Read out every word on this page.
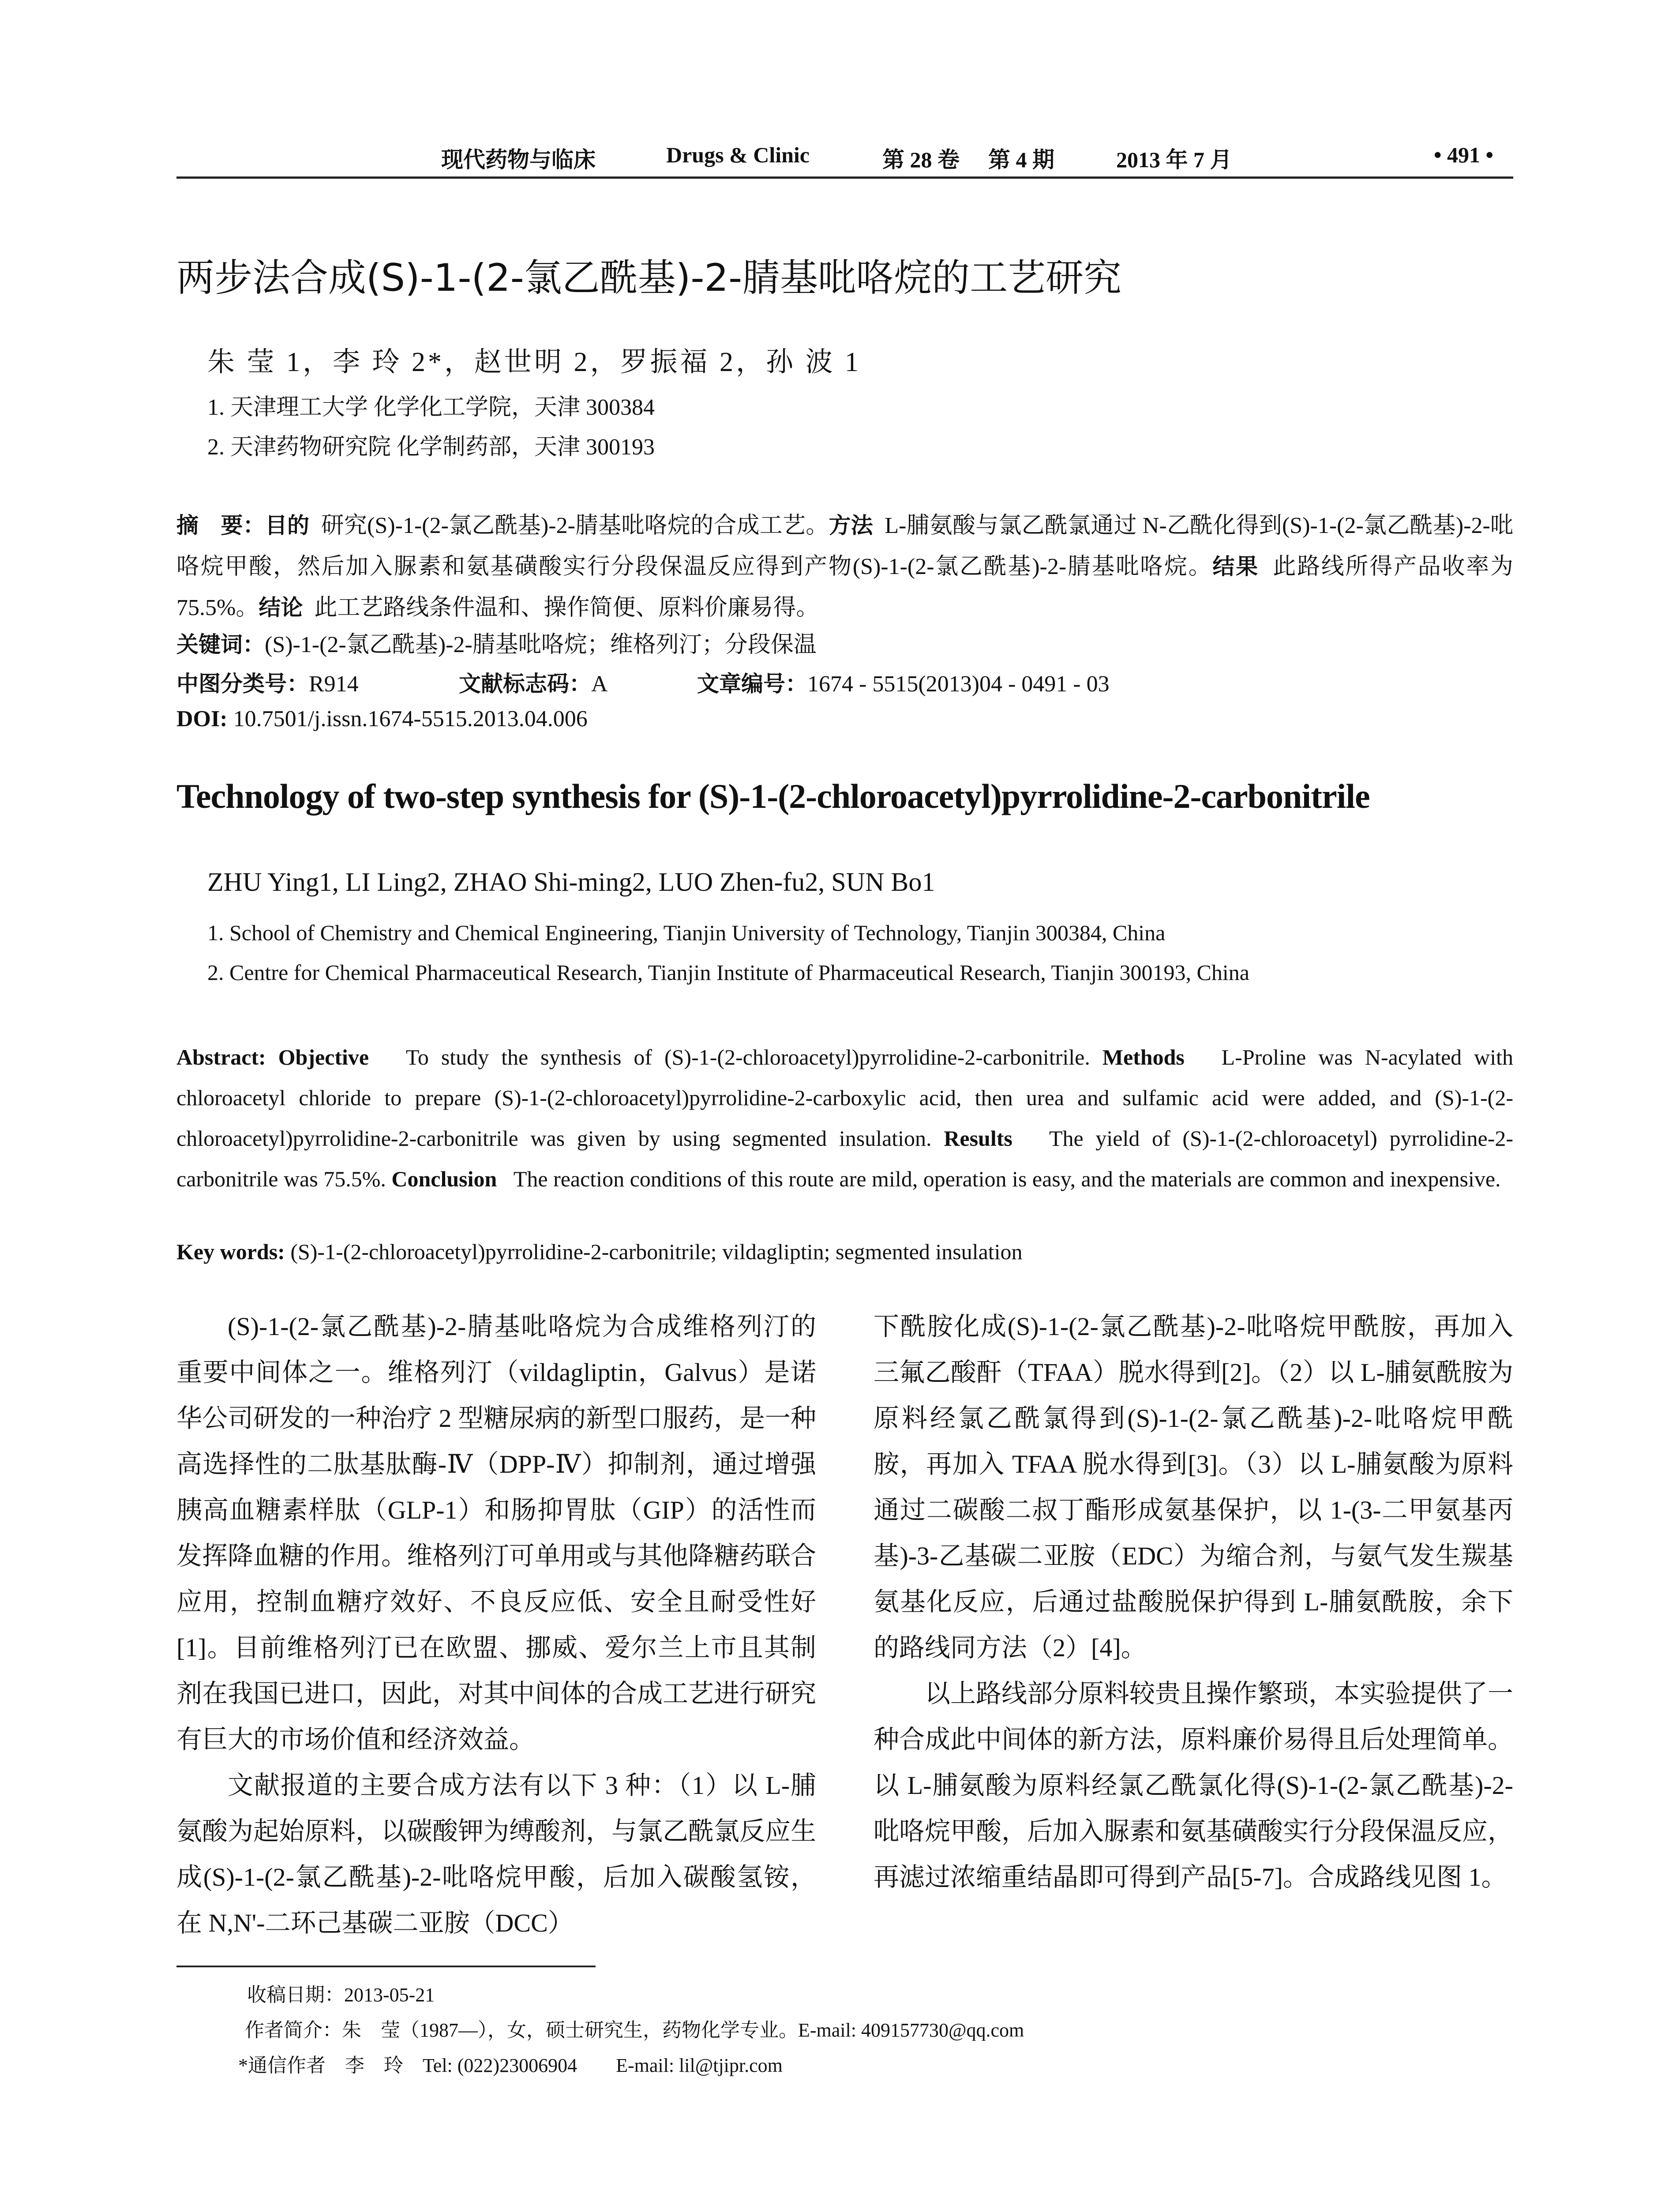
现代药物与临床	Drugs & Clinic	第 28 卷 第 4 期	2013 年 7 月	• 491 •
两步法合成(S)-1-(2-氯乙酰基)-2-腈基吡咯烷的工艺研究
朱 莹 1，李 玲 2*，赵世明 2，罗振福 2，孙 波 1
1. 天津理工大学 化学化工学院，天津 300384
2. 天津药物研究院 化学制药部，天津 300193
摘　要：目的 研究(S)-1-(2-氯乙酰基)-2-腈基吡咯烷的合成工艺。方法 L-脯氨酸与氯乙酰氯通过 N-乙酰化得到(S)-1-(2-氯乙酰基)-2-吡咯烷甲酸，然后加入脲素和氨基磺酸实行分段保温反应得到产物(S)-1-(2-氯乙酰基)-2-腈基吡咯烷。结果 此路线所得产品收率为 75.5%。结论 此工艺路线条件温和、操作简便、原料价廉易得。
关键词：(S)-1-(2-氯乙酰基)-2-腈基吡咯烷；维格列汀；分段保温
中图分类号：R914	文献标志码：A	文章编号：1674 - 5515(2013)04 - 0491 - 03
DOI: 10.7501/j.issn.1674-5515.2013.04.006
Technology of two-step synthesis for (S)-1-(2-chloroacetyl)pyrrolidine-2-carbonitrile
ZHU Ying1, LI Ling2, ZHAO Shi-ming2, LUO Zhen-fu2, SUN Bo1
1. School of Chemistry and Chemical Engineering, Tianjin University of Technology, Tianjin 300384, China
2. Centre for Chemical Pharmaceutical Research, Tianjin Institute of Pharmaceutical Research, Tianjin 300193, China
Abstract: Objective To study the synthesis of (S)-1-(2-chloroacetyl)pyrrolidine-2-carbonitrile. Methods L-Proline was N-acylated with chloroacetyl chloride to prepare (S)-1-(2-chloroacetyl)pyrrolidine-2-carboxylic acid, then urea and sulfamic acid were added, and (S)-1-(2-chloroacetyl)pyrrolidine-2-carbonitrile was given by using segmented insulation. Results The yield of (S)-1-(2-chloroacetyl) pyrrolidine-2-carbonitrile was 75.5%. Conclusion The reaction conditions of this route are mild, operation is easy, and the materials are common and inexpensive.
Key words: (S)-1-(2-chloroacetyl)pyrrolidine-2-carbonitrile; vildagliptin; segmented insulation

(S)-1-(2-氯乙酰基)-2-腈基吡咯烷为合成维格列汀的重要中间体之一。维格列汀（vildagliptin，Galvus）是诺华公司研发的一种治疗 2 型糖尿病的新型口服药，是一种高选择性的二肽基肽酶-Ⅳ（DPP-Ⅳ）抑制剂，通过增强胰高血糖素样肽（GLP-1）和肠抑胃肽（GIP）的活性而发挥降血糖的作用。维格列汀可单用或与其他降糖药联合应用，控制血糖疗效好、不良反应低、安全且耐受性好[1]。目前维格列汀已在欧盟、挪威、爱尔兰上市且其制剂在我国已进口，因此，对其中间体的合成工艺进行研究有巨大的市场价值和经济效益。

文献报道的主要合成方法有以下 3 种：（1）以 L-脯氨酸为起始原料，以碳酸钾为缚酸剂，与氯乙酰氯反应生成(S)-1-(2-氯乙酰基)-2-吡咯烷甲酸，后加入碳酸氢铵，在 N,N'-二环己基碳二亚胺（DCC）

下酰胺化成(S)-1-(2-氯乙酰基)-2-吡咯烷甲酰胺，再加入三氟乙酸酐（TFAA）脱水得到[2]。（2）以 L-脯氨酰胺为原料经氯乙酰氯得到(S)-1-(2-氯乙酰基)-2-吡咯烷甲酰胺，再加入 TFAA 脱水得到[3]。（3）以 L-脯氨酸为原料通过二碳酸二叔丁酯形成氨基保护，以 1-(3-二甲氨基丙基)-3-乙基碳二亚胺（EDC）为缩合剂，与氨气发生羰基氨基化反应，后通过盐酸脱保护得到 L-脯氨酰胺，余下的路线同方法（2）[4]。

以上路线部分原料较贵且操作繁琐，本实验提供了一种合成此中间体的新方法，原料廉价易得且后处理简单。以 L-脯氨酸为原料经氯乙酰氯化得(S)-1-(2-氯乙酰基)-2-吡咯烷甲酸，后加入脲素和氨基磺酸实行分段保温反应，再滤过浓缩重结晶即可得到产品[5-7]。合成路线见图 1。

收稿日期：2013-05-21
作者简介：朱　莹（1987—），女，硕士研究生，药物化学专业。E-mail: 409157730@qq.com
*通信作者　李　玲　Tel: (022)23006904　　E-mail: lil@tjipr.com
